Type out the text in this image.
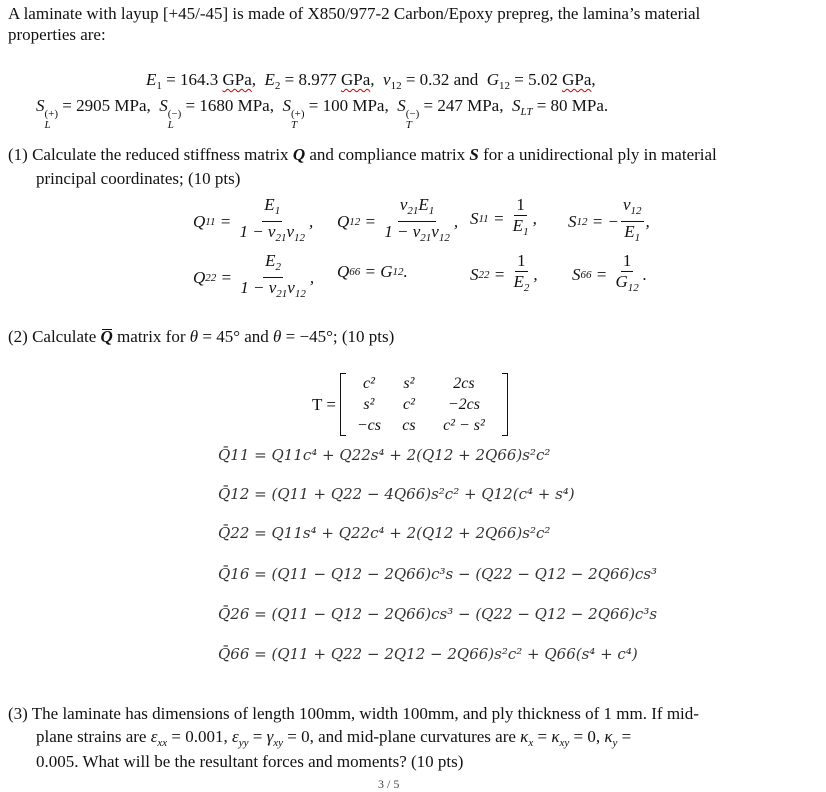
A laminate with layup [+45/-45] is made of X850/977-2 Carbon/Epoxy prepreg, the lamina’s material
properties are:
$E_1 = 164.3$ GPa,  $E_2 = 8.977$ GPa,  $v_{12} = 0.32$ and  $G_{12} = 5.02$ GPa,
S (+)
L
= 2905 MPa,  S (−)
L
= 1680 MPa,  S (+)
T
= 100 MPa,  S (−)
T
= 247 MPa,  $S_{LT} = 80$ MPa.
(1) Calculate the reduced stiffness matrix Q and compliance matrix S for a unidirectional ply in material
principal coordinates; (10 pts)
Q $11 = \frac{E_1}{1 - v_{21}v_{12}}$ , Q $12 = \frac{v_{21}E_1}{1 - v_{21}v_{12}}$ , S $11 = \frac{1}{E_1}$ , S 12 = − $\frac{v_{12}}{E_1}$ ,
Q $22 = \frac{E_2}{1 - v_{21}v_{12}}$ , Q 66 = G 12 .	S $22 = \frac{1}{E_2}$ , S $66 = \frac{1}{G_{12}}$ .
(2) Calculate Q matrix for θ = 45° and θ = −45°; (10 pts)
T =
c²	s²	2cs
s²	c²	−2cs
−cs	cs	c² − s²
Q̄11 = Q11c⁴ + Q22s⁴ + 2(Q12 + 2Q66)s²c²
Q̄12 = (Q11 + Q22 − 4Q66)s²c² + Q12(c⁴ + s⁴)
Q̄22 = Q11s⁴ + Q22c⁴ + 2(Q12 + 2Q66)s²c²
Q̄16 = (Q11 − Q12 − 2Q66)c³s − (Q22 − Q12 − 2Q66)cs³
Q̄26 = (Q11 − Q12 − 2Q66)cs³ − (Q22 − Q12 − 2Q66)c³s
Q̄66 = (Q11 + Q22 − 2Q12 − 2Q66)s²c² + Q66(s⁴ + c⁴)
(3) The laminate has dimensions of length 100mm, width 100mm, and ply thickness of 1 mm. If mid-
plane strains are $\varepsilon_{xx} = 0.001$, $\varepsilon_{yy} = \gamma_{xy} = 0$, and mid-plane curvatures are $\kappa_x = \kappa_{xy} = 0$, $\kappa_y$ =
0.005. What will be the resultant forces and moments? (10 pts)
3 / 5
